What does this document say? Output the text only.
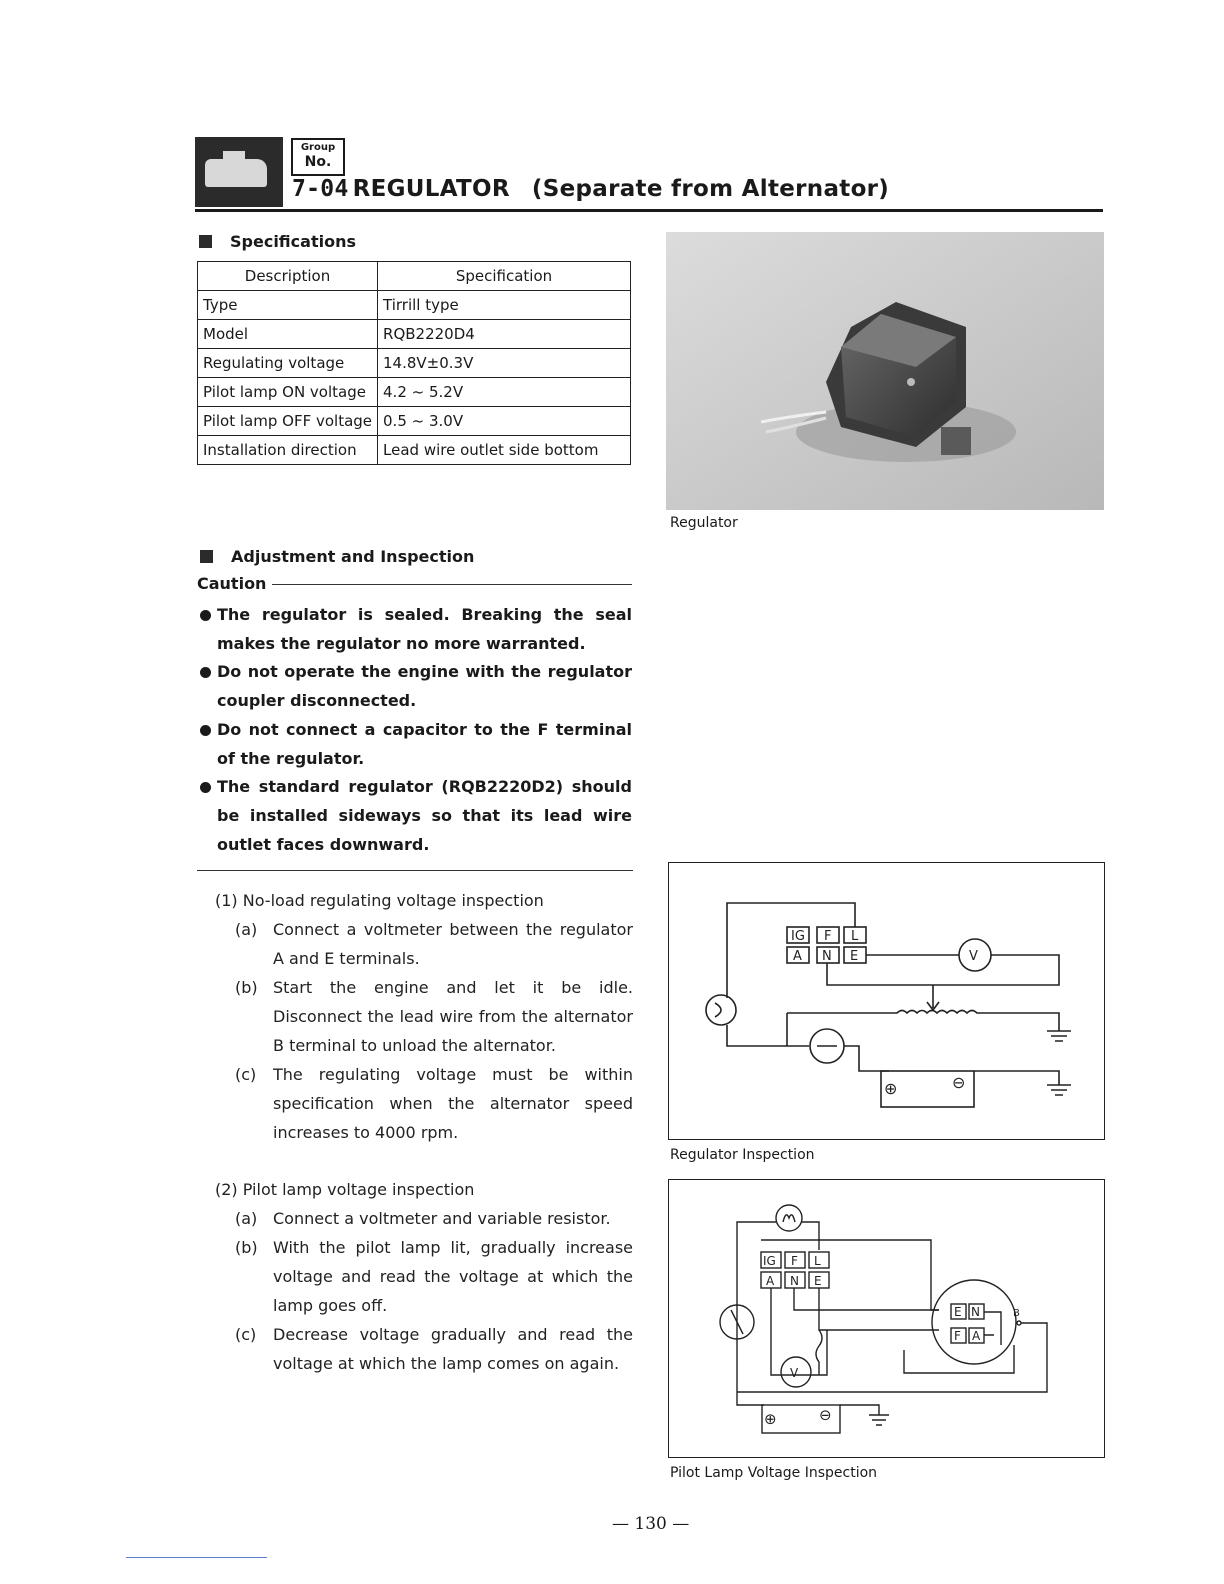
Group
No.
7-04 REGULATOR (Separate from Alternator)
Specifications
Description	Specification
Type	Tirrill type
Model	RQB2220D4
Regulating voltage	14.8V±0.3V
Pilot lamp ON voltage	4.2 ~ 5.2V
Pilot lamp OFF voltage	0.5 ~ 3.0V
Installation direction	Lead wire outlet side bottom
Regulator
Adjustment and Inspection
Caution
The regulator is sealed. Breaking the seal makes the regulator no more warranted.
Do not operate the engine with the regulator coupler disconnected.
Do not connect a capacitor to the F terminal of the regulator.
The standard regulator (RQB2220D2) should be installed sideways so that its lead wire outlet faces downward.
(1) No-load regulating voltage inspection
(a) Connect a voltmeter between the regulator A and E terminals.
(b) Start the engine and let it be idle. Disconnect the lead wire from the alternator B terminal to unload the alternator.
(c) The regulating voltage must be within specification when the alternator speed increases to 4000 rpm.
(2) Pilot lamp voltage inspection
(a) Connect a voltmeter and variable resistor.
(b) With the pilot lamp lit, gradually increase voltage and read the voltage at which the lamp goes off.
(c) Decrease voltage gradually and read the voltage at which the lamp comes on again.
IG F L
A N E	V
⊕	⊖
Regulator Inspection
IG F L
A N E
V
E N
F A
B
⊕	⊖
Pilot Lamp Voltage Inspection
— 130 —
